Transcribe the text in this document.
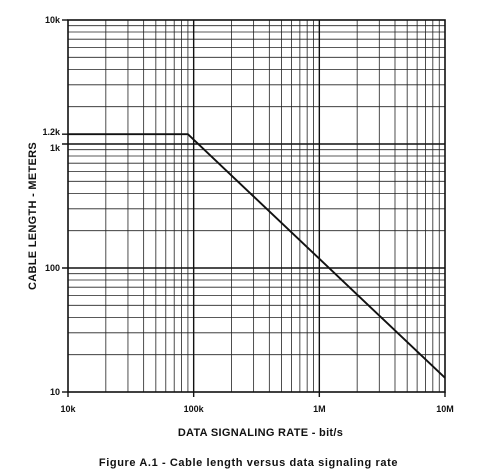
10
100
1k
1.2k
10k
10k	100k	1M	10M
CABLE LENGTH - METERS
DATA SIGNALING RATE - bit/s
Figure A.1 - Cable length versus data signaling rate
